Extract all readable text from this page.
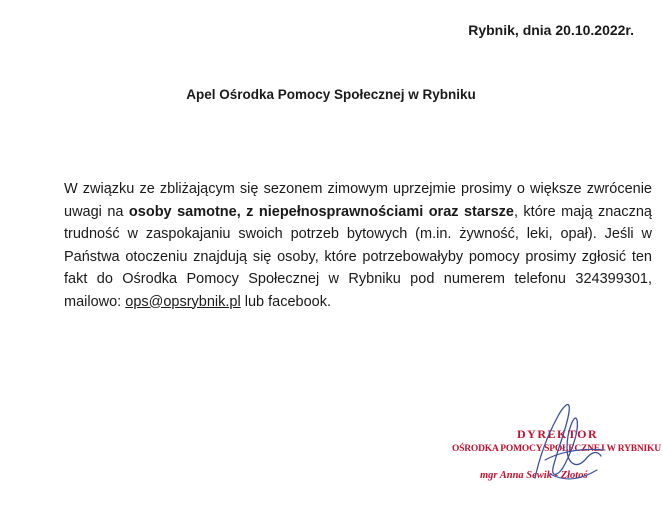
Rybnik, dnia 20.10.2022r.
Apel Ośrodka Pomocy Społecznej w Rybniku
W związku ze zbliżającym się sezonem zimowym uprzejmie prosimy o większe zwrócenie uwagi na osoby samotne, z niepełnosprawnościami oraz starsze, które mają znaczną trudność w zaspokajaniu swoich potrzeb bytowych (m.in. żywność, leki, opał). Jeśli w Państwa otoczeniu znajdują się osoby, które potrzebowałyby pomocy prosimy zgłosić ten fakt do Ośrodka Pomocy Społecznej w Rybniku pod numerem telefonu 324399301, mailowo: ops@opsrybnik.pl lub facebook.
DYREKTOR
OŚRODKA POMOCY SPOŁECZNEJ W RYBNIKU
mgr Anna Sewik - Złotoś
